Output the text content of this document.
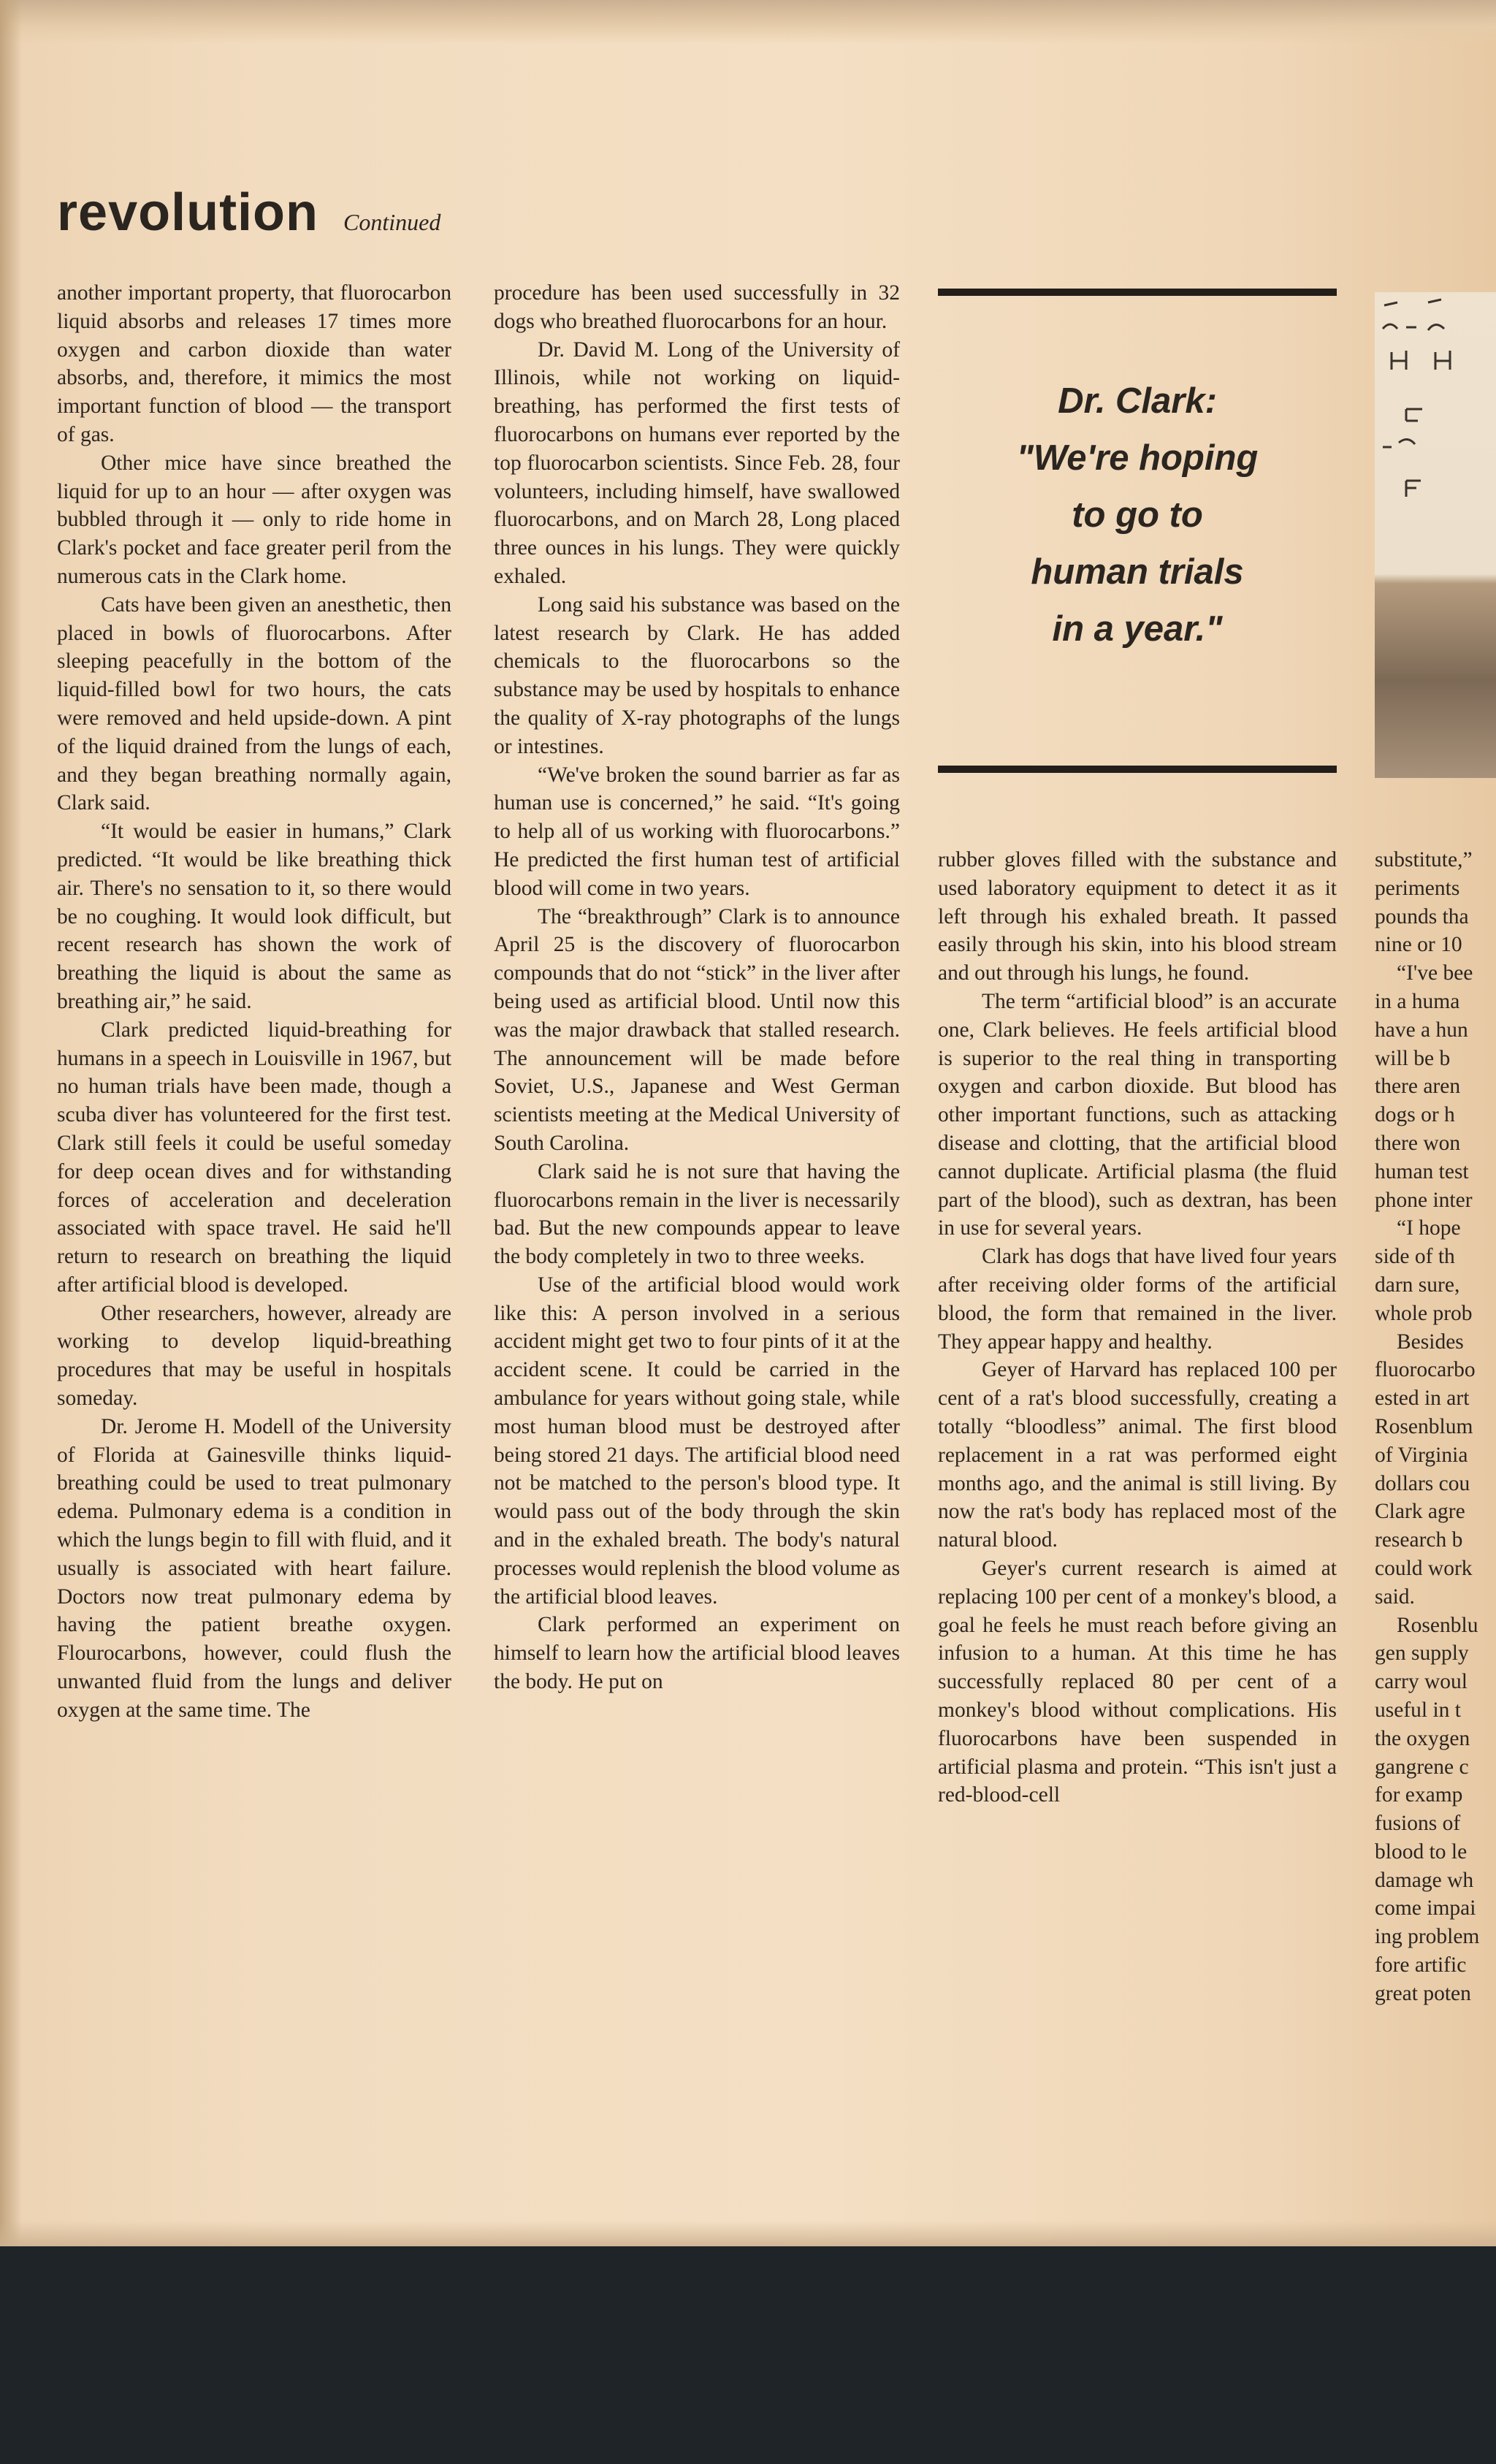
revolution Continued

another important property, that fluorocarbon liquid absorbs and releases 17 times more oxygen and carbon dioxide than water absorbs, and, therefore, it mimics the most important function of blood — the transport of gas.

Other mice have since breathed the liquid for up to an hour — after oxygen was bubbled through it — only to ride home in Clark's pocket and face greater peril from the numerous cats in the Clark home.

Cats have been given an anesthetic, then placed in bowls of fluorocarbons. After sleeping peacefully in the bottom of the liquid-filled bowl for two hours, the cats were removed and held upside-down. A pint of the liquid drained from the lungs of each, and they began breathing normally again, Clark said.

“It would be easier in humans,” Clark predicted. “It would be like breathing thick air. There's no sensation to it, so there would be no coughing. It would look difficult, but recent research has shown the work of breathing the liquid is about the same as breathing air,” he said.

Clark predicted liquid-breathing for humans in a speech in Louisville in 1967, but no human trials have been made, though a scuba diver has volunteered for the first test. Clark still feels it could be useful someday for deep ocean dives and for withstanding forces of acceleration and deceleration associated with space travel. He said he'll return to research on breathing the liquid after artificial blood is developed.

Other researchers, however, already are working to develop liquid-breathing procedures that may be useful in hospitals someday.

Dr. Jerome H. Modell of the University of Florida at Gainesville thinks liquid-breathing could be used to treat pulmonary edema. Pulmonary edema is a condition in which the lungs begin to fill with fluid, and it usually is associated with heart failure. Doctors now treat pulmonary edema by having the patient breathe oxygen. Flourocarbons, however, could flush the unwanted fluid from the lungs and deliver oxygen at the same time. The

procedure has been used successfully in 32 dogs who breathed fluorocarbons for an hour.

Dr. David M. Long of the University of Illinois, while not working on liquid-breathing, has performed the first tests of fluorocarbons on humans ever reported by the top fluorocarbon scientists. Since Feb. 28, four volunteers, including himself, have swallowed fluorocarbons, and on March 28, Long placed three ounces in his lungs. They were quickly exhaled.

Long said his substance was based on the latest research by Clark. He has added chemicals to the fluorocarbons so the substance may be used by hospitals to enhance the quality of X-ray photographs of the lungs or intestines.

“We've broken the sound barrier as far as human use is concerned,” he said. “It's going to help all of us working with fluorocarbons.” He predicted the first human test of artificial blood will come in two years.

The “breakthrough” Clark is to announce April 25 is the discovery of fluorocarbon compounds that do not “stick” in the liver after being used as artificial blood. Until now this was the major drawback that stalled research. The announcement will be made before Soviet, U.S., Japanese and West German scientists meeting at the Medical University of South Carolina.

Clark said he is not sure that having the fluorocarbons remain in the liver is necessarily bad. But the new compounds appear to leave the body completely in two to three weeks.

Use of the artificial blood would work like this: A person involved in a serious accident might get two to four pints of it at the accident scene. It could be carried in the ambulance for years without going stale, while most human blood must be destroyed after being stored 21 days. The artificial blood need not be matched to the person's blood type. It would pass out of the body through the skin and in the exhaled breath. The body's natural processes would replenish the blood volume as the artificial blood leaves.

Clark performed an experiment on himself to learn how the artificial blood leaves the body. He put on

Dr. Clark:
"We're hoping
to go to
human trials
in a year."

rubber gloves filled with the substance and used laboratory equipment to detect it as it left through his exhaled breath. It passed easily through his skin, into his blood stream and out through his lungs, he found.

The term “artificial blood” is an accurate one, Clark believes. He feels artificial blood is superior to the real thing in transporting oxygen and carbon dioxide. But blood has other important functions, such as attacking disease and clotting, that the artificial blood cannot duplicate. Artificial plasma (the fluid part of the blood), such as dextran, has been in use for several years.

Clark has dogs that have lived four years after receiving older forms of the artificial blood, the form that remained in the liver. They appear happy and healthy.

Geyer of Harvard has replaced 100 per cent of a rat's blood successfully, creating a totally “bloodless” animal. The first blood replacement in a rat was performed eight months ago, and the animal is still living. By now the rat's body has replaced most of the natural blood.

Geyer's current research is aimed at replacing 100 per cent of a monkey's blood, a goal he feels he must reach before giving an infusion to a human. At this time he has successfully replaced 80 per cent of a monkey's blood without complications. His fluorocarbons have been suspended in artificial plasma and protein. “This isn't just a red-blood-cell

substitute,”
periments
pounds tha
nine or 10
“I've bee
in a huma
have a hun
will be b
there aren
dogs or h
there won
human test
phone inter
“I hope
side of th
darn sure,
whole prob
Besides
fluorocarbo
ested in art
Rosenblum
of Virginia
dollars cou
Clark agre
research b
could work
said.
Rosenblu
gen supply
carry woul
useful in t
the oxygen
gangrene c
for examp
fusions of
blood to le
damage wh
come impai
ing problem
fore artific
great poten
